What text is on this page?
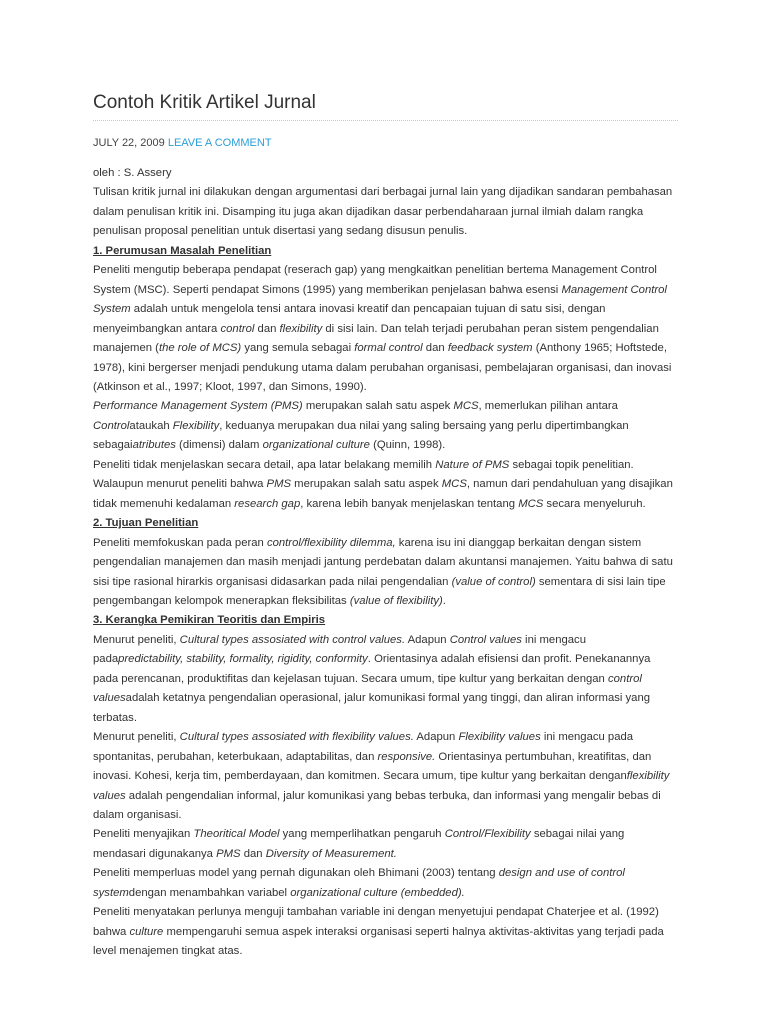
Contoh Kritik Artikel Jurnal
JULY 22, 2009 LEAVE A COMMENT

oleh : S. Assery

Tulisan kritik jurnal ini dilakukan dengan argumentasi dari berbagai jurnal lain yang dijadikan sandaran pembahasan dalam penulisan kritik ini. Disamping itu juga akan dijadikan dasar perbendaharaan jurnal ilmiah dalam rangka penulisan proposal penelitian untuk disertasi yang sedang disusun penulis.

1. Perumusan Masalah Penelitian

Peneliti mengutip beberapa pendapat (reserach gap) yang mengkaitkan penelitian bertema Management Control System (MSC). Seperti pendapat Simons (1995) yang memberikan penjelasan bahwa esensi Management Control System adalah untuk mengelola tensi antara inovasi kreatif dan pencapaian tujuan di satu sisi, dengan menyeimbangkan antara control dan flexibility di sisi lain. Dan telah terjadi perubahan peran sistem pengendalian manajemen (the role of MCS) yang semula sebagai formal control dan feedback system (Anthony 1965; Hoftstede, 1978), kini bergerser menjadi pendukung utama dalam perubahan organisasi, pembelajaran organisasi, dan inovasi (Atkinson et al., 1997; Kloot, 1997, dan Simons, 1990).

Performance Management System (PMS) merupakan salah satu aspek MCS, memerlukan pilihan antara Controlataukah Flexibility, keduanya merupakan dua nilai yang saling bersaing yang perlu dipertimbangkan sebagaiatributes (dimensi) dalam organizational culture (Quinn, 1998).

Peneliti tidak menjelaskan secara detail, apa latar belakang memilih Nature of PMS sebagai topik penelitian. Walaupun menurut peneliti bahwa PMS merupakan salah satu aspek MCS, namun dari pendahuluan yang disajikan tidak memenuhi kedalaman research gap, karena lebih banyak menjelaskan tentang MCS secara menyeluruh.

2. Tujuan Penelitian

Peneliti memfokuskan pada peran control/flexibility dilemma, karena isu ini dianggap berkaitan dengan sistem pengendalian manajemen dan masih menjadi jantung perdebatan dalam akuntansi manajemen. Yaitu bahwa di satu sisi tipe rasional hirarkis organisasi didasarkan pada nilai pengendalian (value of control) sementara di sisi lain tipe pengembangan kelompok menerapkan fleksibilitas (value of flexibility).

3. Kerangka Pemikiran Teoritis dan Empiris

Menurut peneliti, Cultural types assosiated with control values. Adapun Control values ini mengacu padapredictability, stability, formality, rigidity, conformity. Orientasinya adalah efisiensi dan profit. Penekanannya pada perencanan, produktifitas dan kejelasan tujuan. Secara umum, tipe kultur yang berkaitan dengan control valuesadalah ketatnya pengendalian operasional, jalur komunikasi formal yang tinggi, dan aliran informasi yang terbatas.

Menurut peneliti, Cultural types assosiated with flexibility values. Adapun Flexibility values ini mengacu pada spontanitas, perubahan, keterbukaan, adaptabilitas, dan responsive. Orientasinya pertumbuhan, kreatifitas, dan inovasi. Kohesi, kerja tim, pemberdayaan, dan komitmen. Secara umum, tipe kultur yang berkaitan denganflexibility values adalah pengendalian informal, jalur komunikasi yang bebas terbuka, dan informasi yang mengalir bebas di dalam organisasi.

Peneliti menyajikan Theoritical Model yang memperlihatkan pengaruh Control/Flexibility sebagai nilai yang mendasari digunakanya PMS dan Diversity of Measurement.

Peneliti memperluas model yang pernah digunakan oleh Bhimani (2003) tentang design and use of control systemdengan menambahkan variabel organizational culture (embedded).

Peneliti menyatakan perlunya menguji tambahan variable ini dengan menyetujui pendapat Chaterjee et al. (1992) bahwa culture mempengaruhi semua aspek interaksi organisasi seperti halnya aktivitas-aktivitas yang terjadi pada level menajemen tingkat atas.
